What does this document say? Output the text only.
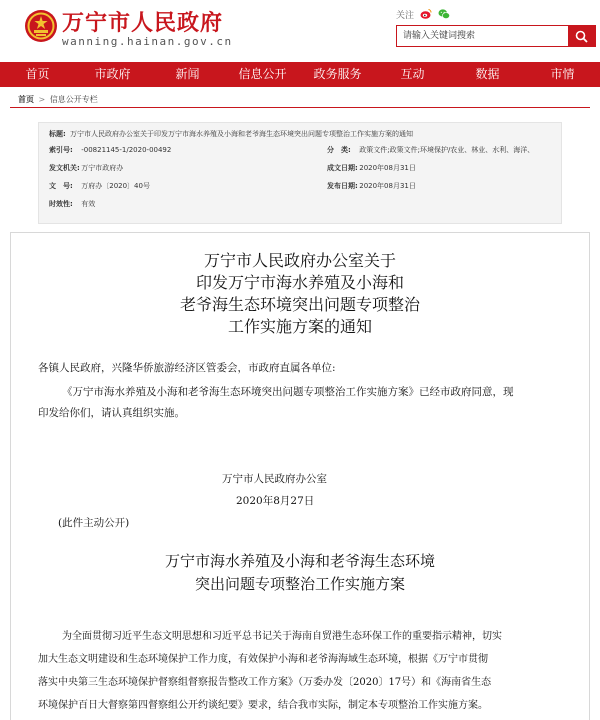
万宁市人民政府
wanning.hainan.gov.cn
关注
请输入关键词搜索
首页	市政府	新闻	信息公开	政务服务	互动	数据	市情
首页 > 信息公开专栏
标题: 万宁市人民政府办公室关于印发万宁市海水养殖及小海和老爷海生态环境突出问题专项整治工作实施方案的通知
索引号: -00821145-1/2020-00492	分　类: 政策文件;政策文件;环境保护/农业、林业、水利、海洋、
发文机关: 万宁市政府办	成文日期: 2020年08月31日
文　号: 万府办〔2020〕40号	发布日期: 2020年08月31日
时效性: 有效
万宁市人民政府办公室关于
印发万宁市海水养殖及小海和
老爷海生态环境突出问题专项整治
工作实施方案的通知
各镇人民政府，兴隆华侨旅游经济区管委会，市政府直属各单位:
《万宁市海水养殖及小海和老爷海生态环境突出问题专项整治工作实施方案》已经市政府同意，现
印发给你们，请认真组织实施。
万宁市人民政府办公室
2020年8月27日
(此件主动公开)
万宁市海水养殖及小海和老爷海生态环境
突出问题专项整治工作实施方案
为全面贯彻习近平生态文明思想和习近平总书记关于海南自贸港生态环保工作的重要指示精神，切实
加大生态文明建设和生态环境保护工作力度，有效保护小海和老爷海海域生态环境，根据《万宁市贯彻
落实中央第三生态环境保护督察组督察报告整改工作方案》（万委办发〔2020〕17号）和《海南省生态
环境保护百日大督察第四督察组公开约谈纪要》要求，结合我市实际，制定本专项整治工作实施方案。
